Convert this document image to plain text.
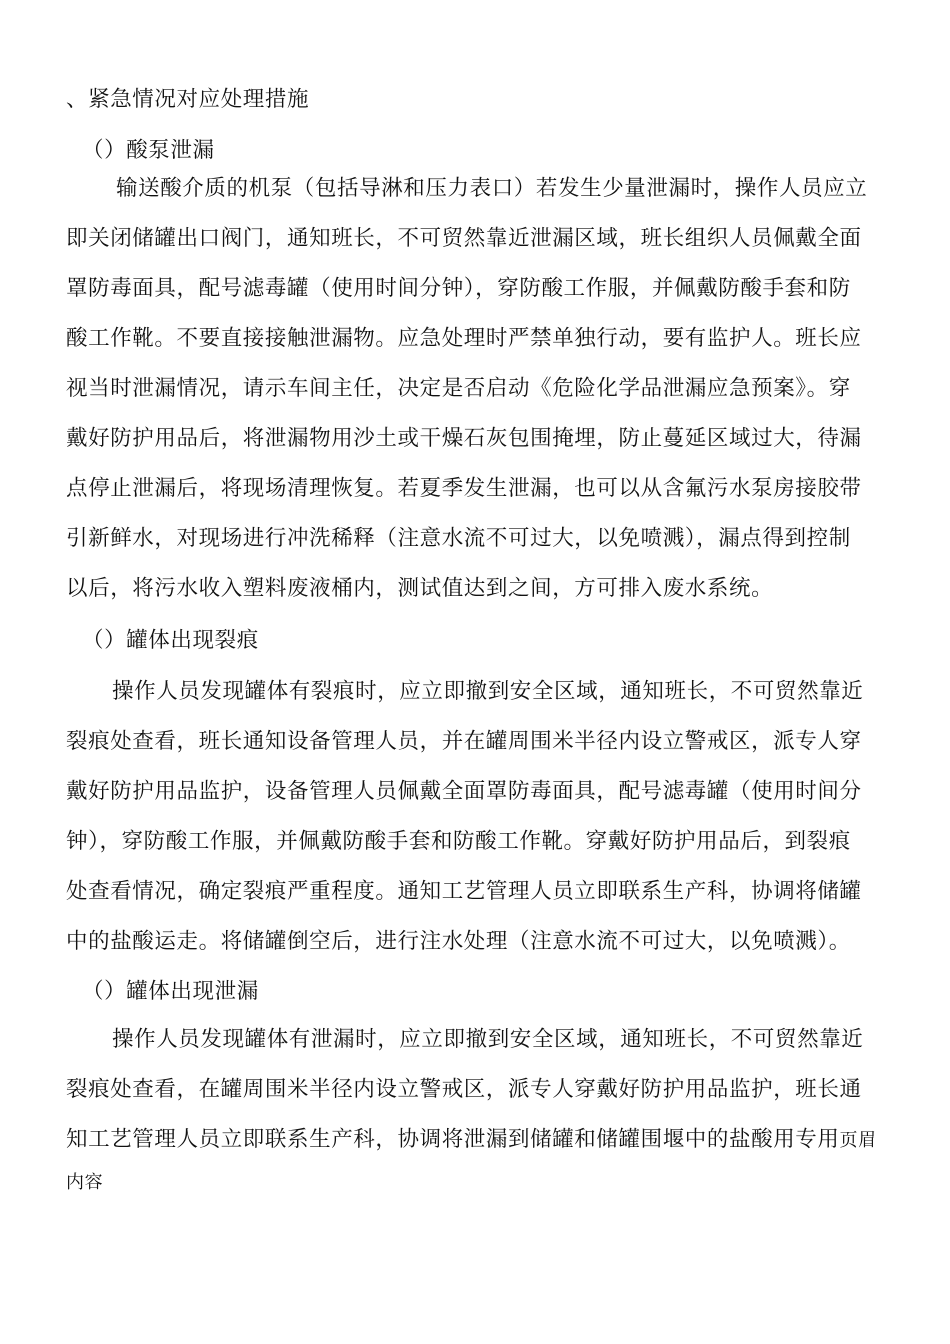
、紧急情况对应处理措施
（）酸泵泄漏
输送酸介质的机泵（包括导淋和压力表口）若发生少量泄漏时，操作人员应立
即关闭储罐出口阀门，通知班长，不可贸然靠近泄漏区域，班长组织人员佩戴全面
罩防毒面具，配号滤毒罐（使用时间分钟），穿防酸工作服，并佩戴防酸手套和防
酸工作靴。不要直接接触泄漏物。应急处理时严禁单独行动，要有监护人。班长应
视当时泄漏情况，请示车间主任，决定是否启动《危险化学品泄漏应急预案》。穿
戴好防护用品后，将泄漏物用沙土或干燥石灰包围掩埋，防止蔓延区域过大，待漏
点停止泄漏后，将现场清理恢复。若夏季发生泄漏，也可以从含氟污水泵房接胶带
引新鲜水，对现场进行冲洗稀释（注意水流不可过大，以免喷溅），漏点得到控制
以后，将污水收入塑料废液桶内，测试值达到之间，方可排入废水系统。
（）罐体出现裂痕
操作人员发现罐体有裂痕时，应立即撤到安全区域，通知班长，不可贸然靠近
裂痕处查看，班长通知设备管理人员，并在罐周围米半径内设立警戒区，派专人穿
戴好防护用品监护，设备管理人员佩戴全面罩防毒面具，配号滤毒罐（使用时间分
钟），穿防酸工作服，并佩戴防酸手套和防酸工作靴。穿戴好防护用品后，到裂痕
处查看情况，确定裂痕严重程度。通知工艺管理人员立即联系生产科，协调将储罐
中的盐酸运走。将储罐倒空后，进行注水处理（注意水流不可过大，以免喷溅）。
（）罐体出现泄漏
操作人员发现罐体有泄漏时，应立即撤到安全区域，通知班长，不可贸然靠近
裂痕处查看，在罐周围米半径内设立警戒区，派专人穿戴好防护用品监护，班长通
知工艺管理人员立即联系生产科，协调将泄漏到储罐和储罐围堰中的盐酸用专用页眉
内容
